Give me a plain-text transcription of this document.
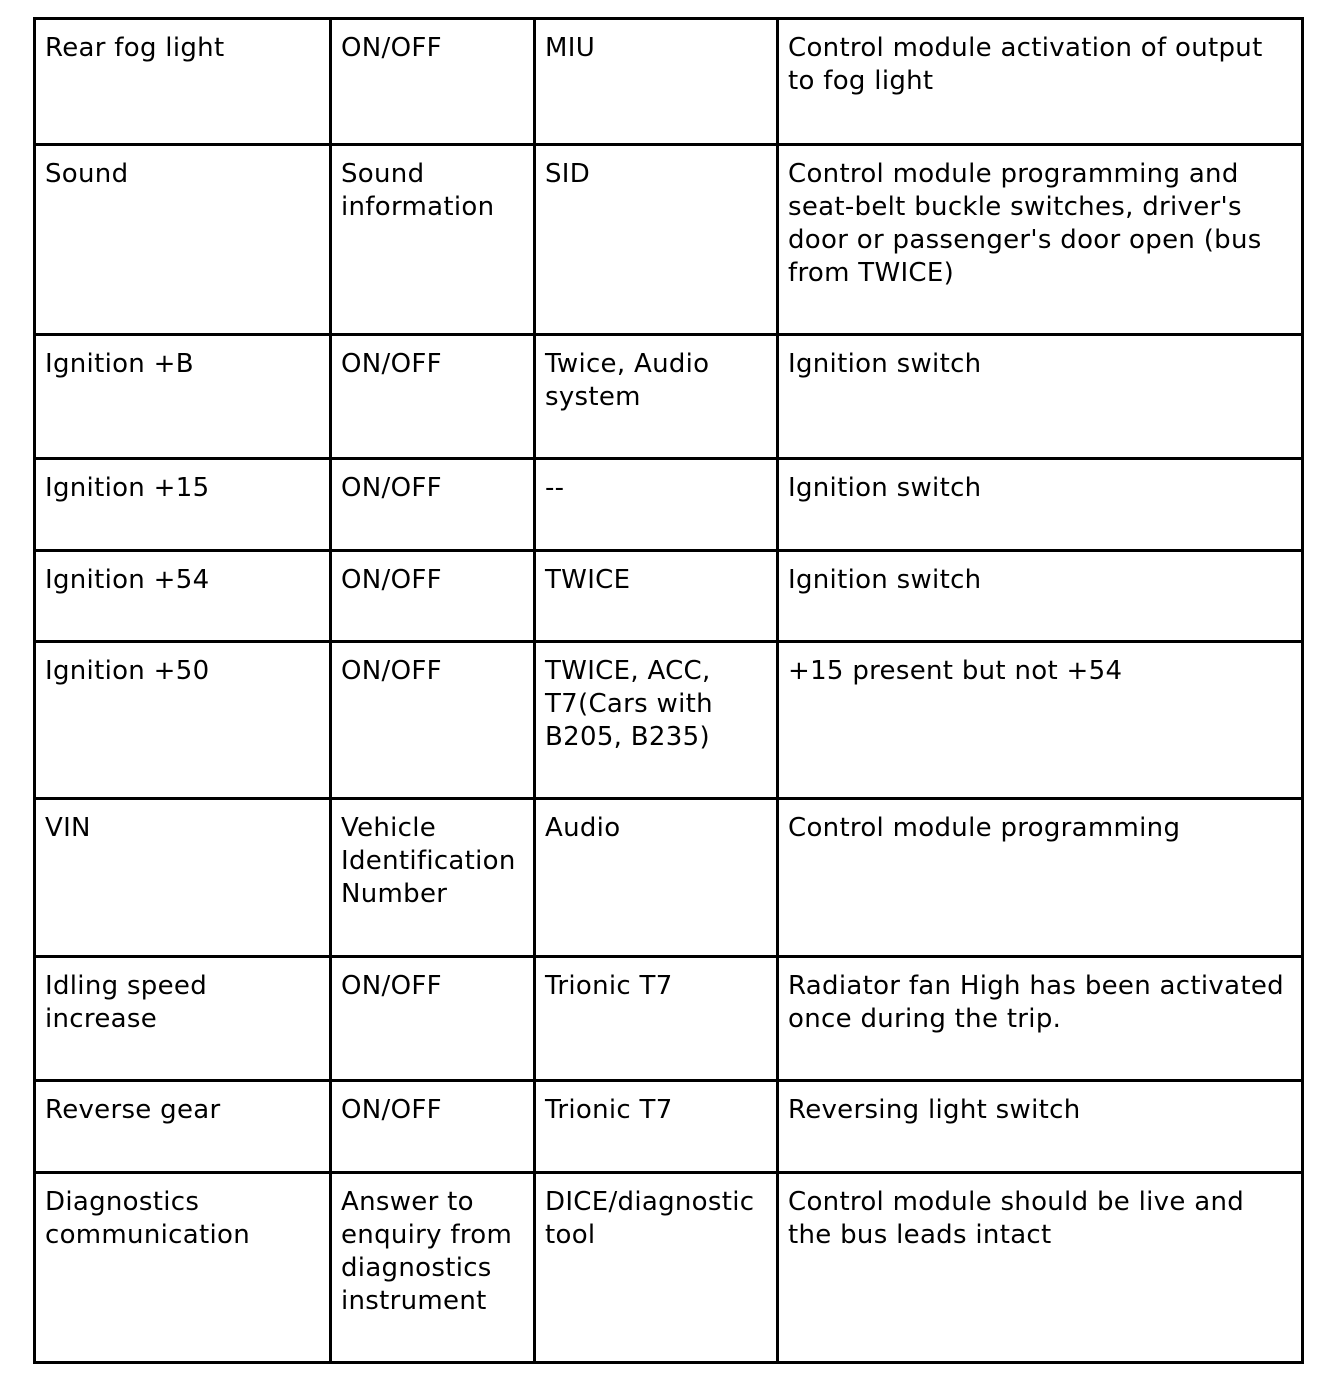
Rear fog light	ON/OFF	MIU	Control module activation of output to fog light
Sound	Sound information	SID	Control module programming and seat-belt buckle switches, driver's door or passenger's door open (bus from TWICE)
Ignition +B	ON/OFF	Twice, Audio system	Ignition switch
Ignition +15	ON/OFF	--	Ignition switch
Ignition +54	ON/OFF	TWICE	Ignition switch
Ignition +50	ON/OFF	TWICE, ACC, T7(Cars with B205, B235)	+15 present but not +54
VIN	Vehicle Identification Number	Audio	Control module programming
Idling speed increase	ON/OFF	Trionic T7	Radiator fan High has been activated once during the trip.
Reverse gear	ON/OFF	Trionic T7	Reversing light switch
Diagnostics communication	Answer to enquiry from diagnostics instrument	DICE/diagnostic tool	Control module should be live and the bus leads intact
